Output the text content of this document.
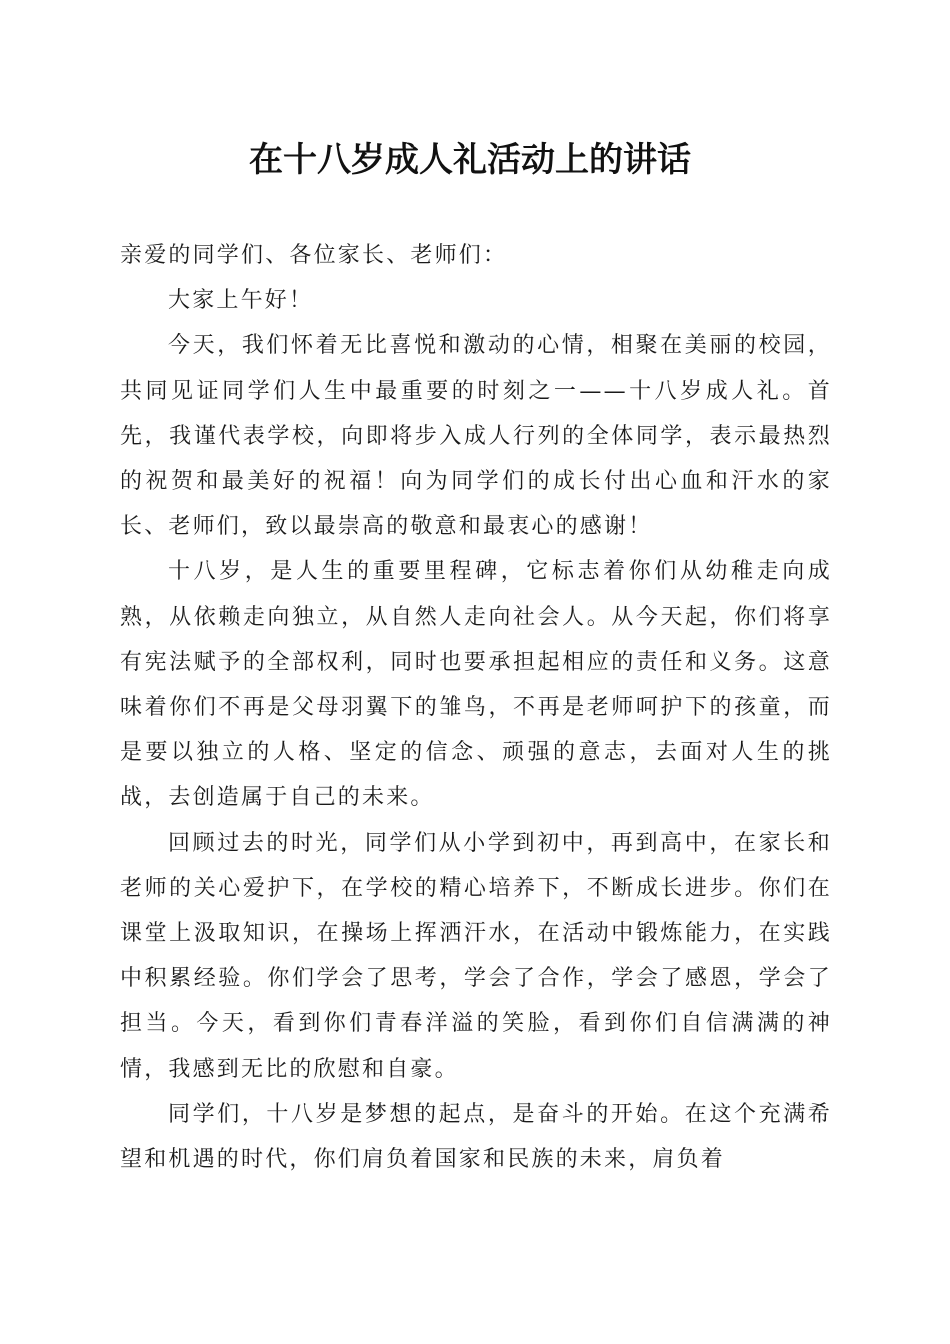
在十八岁成人礼活动上的讲话

亲爱的同学们、各位家长、老师们：

大家上午好！

今天，我们怀着无比喜悦和激动的心情，相聚在美丽的校园，共同见证同学们人生中最重要的时刻之一——十八岁成人礼。首先，我谨代表学校，向即将步入成人行列的全体同学，表示最热烈的祝贺和最美好的祝福！向为同学们的成长付出心血和汗水的家长、老师们，致以最崇高的敬意和最衷心的感谢！

十八岁，是人生的重要里程碑，它标志着你们从幼稚走向成熟，从依赖走向独立，从自然人走向社会人。从今天起，你们将享有宪法赋予的全部权利，同时也要承担起相应的责任和义务。这意味着你们不再是父母羽翼下的雏鸟，不再是老师呵护下的孩童，而是要以独立的人格、坚定的信念、顽强的意志，去面对人生的挑战，去创造属于自己的未来。

回顾过去的时光，同学们从小学到初中，再到高中，在家长和老师的关心爱护下，在学校的精心培养下，不断成长进步。你们在课堂上汲取知识，在操场上挥洒汗水，在活动中锻炼能力，在实践中积累经验。你们学会了思考，学会了合作，学会了感恩，学会了担当。今天，看到你们青春洋溢的笑脸，看到你们自信满满的神情，我感到无比的欣慰和自豪。

同学们，十八岁是梦想的起点，是奋斗的开始。在这个充满希望和机遇的时代，你们肩负着国家和民族的未来，肩负着
